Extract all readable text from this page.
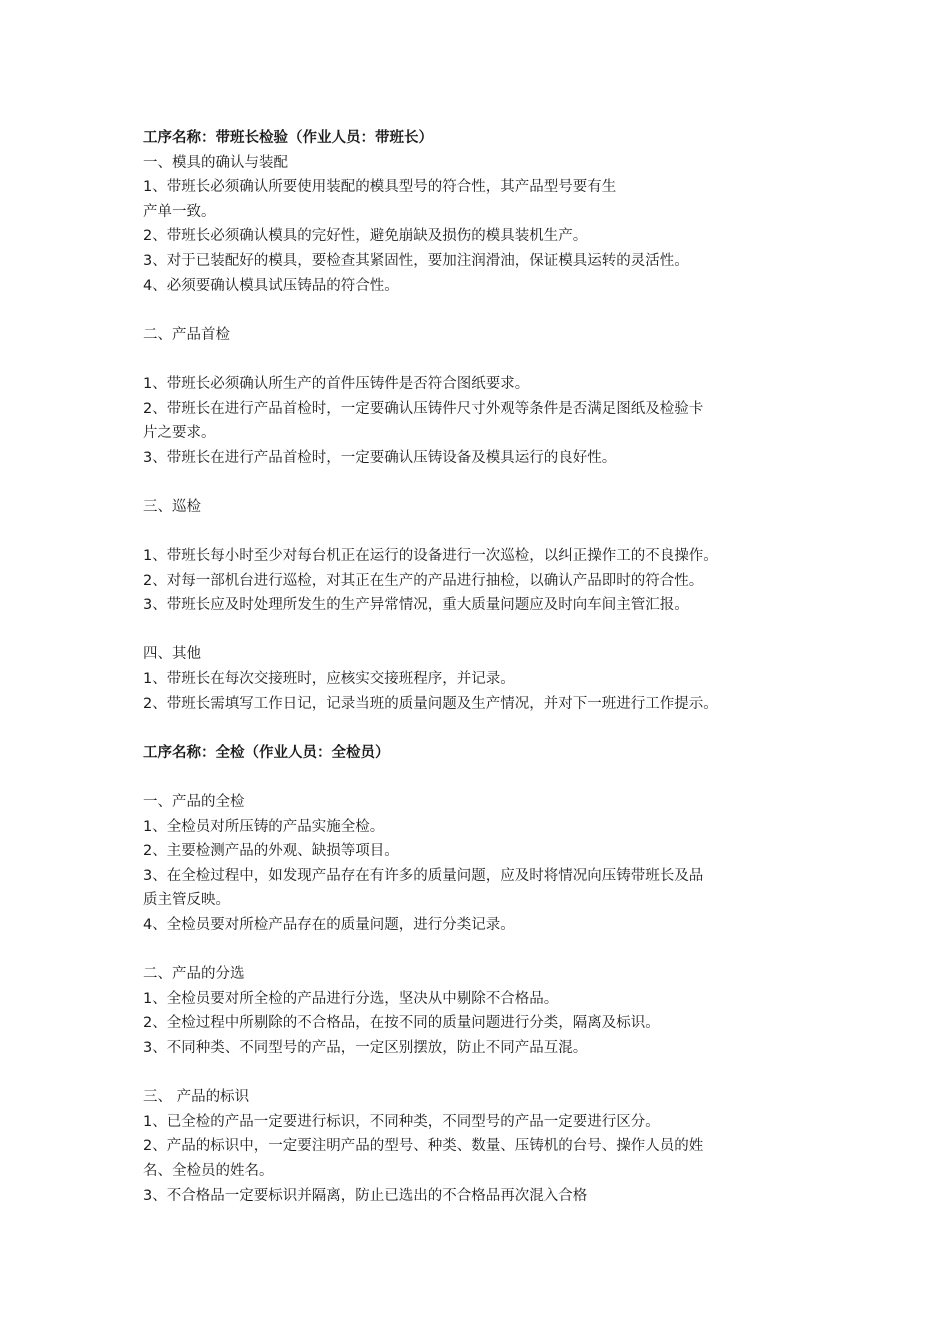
工序名称：带班长检验（作业人员：带班长）
一、模具的确认与装配
1、带班长必须确认所要使用装配的模具型号的符合性，其产品型号要有生
产单一致。
2、带班长必须确认模具的完好性，避免崩缺及损伤的模具装机生产。
3、对于已装配好的模具，要检查其紧固性，要加注润滑油，保证模具运转的灵活性。
4、必须要确认模具试压铸品的符合性。
二、产品首检
1、带班长必须确认所生产的首件压铸件是否符合图纸要求。
2、带班长在进行产品首检时，一定要确认压铸件尺寸外观等条件是否满足图纸及检验卡
片之要求。
3、带班长在进行产品首检时，一定要确认压铸设备及模具运行的良好性。
三、巡检
1、带班长每小时至少对每台机正在运行的设备进行一次巡检，以纠正操作工的不良操作。
2、对每一部机台进行巡检，对其正在生产的产品进行抽检，以确认产品即时的符合性。
3、带班长应及时处理所发生的生产异常情况，重大质量问题应及时向车间主管汇报。
四、其他
1、带班长在每次交接班时，应核实交接班程序，并记录。
2、带班长需填写工作日记，记录当班的质量问题及生产情况，并对下一班进行工作提示。
工序名称：全检（作业人员：全检员）
一、产品的全检
1、全检员对所压铸的产品实施全检。
2、主要检测产品的外观、缺损等项目。
3、在全检过程中，如发现产品存在有许多的质量问题，应及时将情况向压铸带班长及品
质主管反映。
4、全检员要对所检产品存在的质量问题，进行分类记录。
二、产品的分选
1、全检员要对所全检的产品进行分选，坚决从中剔除不合格品。
2、全检过程中所剔除的不合格品，在按不同的质量问题进行分类，隔离及标识。
3、不同种类、不同型号的产品，一定区别摆放，防止不同产品互混。
三、 产品的标识
1、已全检的产品一定要进行标识，不同种类，不同型号的产品一定要进行区分。
2、产品的标识中，一定要注明产品的型号、种类、数量、压铸机的台号、操作人员的姓
名、全检员的姓名。
3、不合格品一定要标识并隔离，防止已选出的不合格品再次混入合格
